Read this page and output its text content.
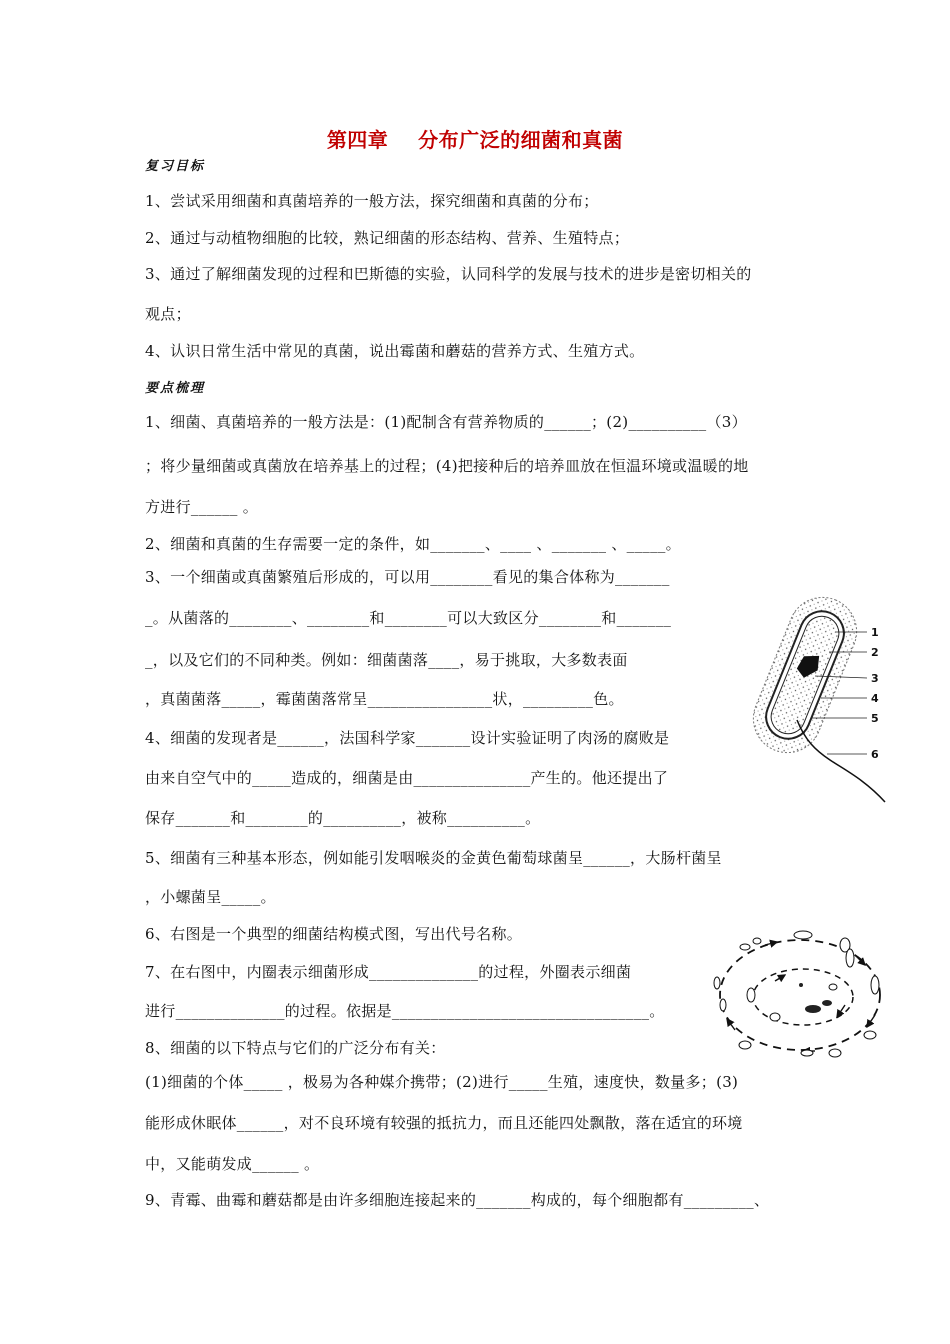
第四章    分布广泛的细菌和真菌
复习目标
1、尝试采用细菌和真菌培养的一般方法，探究细菌和真菌的分布；
2、通过与动植物细胞的比较，熟记细菌的形态结构、营养、生殖特点；
3、通过了解细菌发现的过程和巴斯德的实验，认同科学的发展与技术的进步是密切相关的
观点；
4、认识日常生活中常见的真菌，说出霉菌和蘑菇的营养方式、生殖方式。
要点梳理
1、细菌、真菌培养的一般方法是：(1)配制含有营养物质的______；(2)__________（3）
；将少量细菌或真菌放在培养基上的过程；(4)把接种后的培养皿放在恒温环境或温暖的地
方进行______ 。
2、细菌和真菌的生存需要一定的条件，如_______、____ 、_______ 、_____。
3、一个细菌或真菌繁殖后形成的，可以用________看见的集合体称为_______
_。从菌落的________、________和________可以大致区分________和_______
_，以及它们的不同种类。例如：细菌菌落____，易于挑取，大多数表面
，真菌菌落_____，霉菌菌落常呈________________状，_________色。
4、细菌的发现者是______，法国科学家_______设计实验证明了肉汤的腐败是
由来自空气中的_____造成的，细菌是由_______________产生的。他还提出了
保存_______和________的__________，被称__________。
5、细菌有三种基本形态，例如能引发咽喉炎的金黄色葡萄球菌呈______，大肠杆菌呈
，小螺菌呈_____。
6、右图是一个典型的细菌结构模式图，写出代号名称。
7、在右图中，内圈表示细菌形成______________的过程，外圈表示细菌
进行______________的过程。依据是_________________________________。
8、细菌的以下特点与它们的广泛分布有关：
(1)细菌的个体_____ ，极易为各种媒介携带；(2)进行_____生殖，速度快，数量多；(3)
能形成休眠体______，对不良环境有较强的抵抗力，而且还能四处飘散，落在适宜的环境
中，又能萌发成______ 。
9、青霉、曲霉和蘑菇都是由许多细胞连接起来的_______构成的，每个细胞都有_________、
1
2
3
4
5
6
